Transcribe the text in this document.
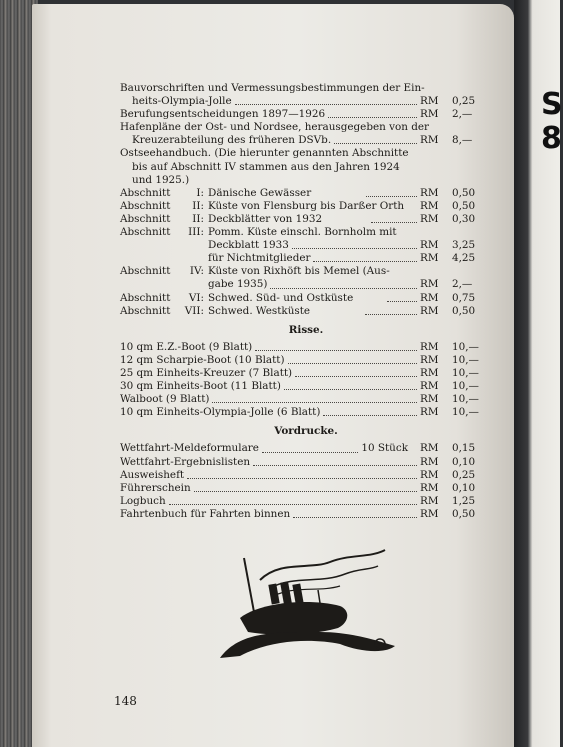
S
8
Bauvorschriften und Vermessungsbestimmungen der Ein-
heits-Olympia-Jolle	RM	0,25
Berufungsentscheidungen 1897—1926	RM	2,—
Hafenpläne der Ost- und Nordsee, herausgegeben von der
Kreuzerabteilung des früheren DSVb.	RM	8,—
Ostseehandbuch. (Die hierunter genannten Abschnitte
bis auf Abschnitt IV stammen aus den Jahren 1924
und 1925.)
Abschnitt	I: Dänische Gewässer	RM	0,50
Abschnitt	II: Küste von Flensburg bis Darßer Orth	RM	0,50
Abschnitt	II: Deckblätter von 1932	RM	0,30
Abschnitt	III: Pomm. Küste einschl. Bornholm mit
Deckblatt 1933	RM	3,25
für Nichtmitglieder	RM	4,25
Abschnitt	IV: Küste von Rixhöft bis Memel (Aus-
gabe 1935)	RM	2,—
Abschnitt	VI: Schwed. Süd- und Ostküste	RM	0,75
Abschnitt	VII: Schwed. Westküste	RM	0,50
Risse.
10 qm E.Z.-Boot (9 Blatt)	RM	10,—
12 qm Scharpie-Boot (10 Blatt)	RM	10,—
25 qm Einheits-Kreuzer (7 Blatt)	RM	10,—
30 qm Einheits-Boot (11 Blatt)	RM	10,—
Walboot (9 Blatt)	RM	10,—
10 qm Einheits-Olympia-Jolle (6 Blatt)	RM	10,—
Vordrucke.
Wettfahrt-Meldeformulare	10 Stück RM	0,15
Wettfahrt-Ergebnislisten	RM	0,10
Ausweisheft	RM	0,25
Führerschein	RM	0,10
Logbuch	RM	1,25
Fahrtenbuch für Fahrten binnen	RM	0,50
148
